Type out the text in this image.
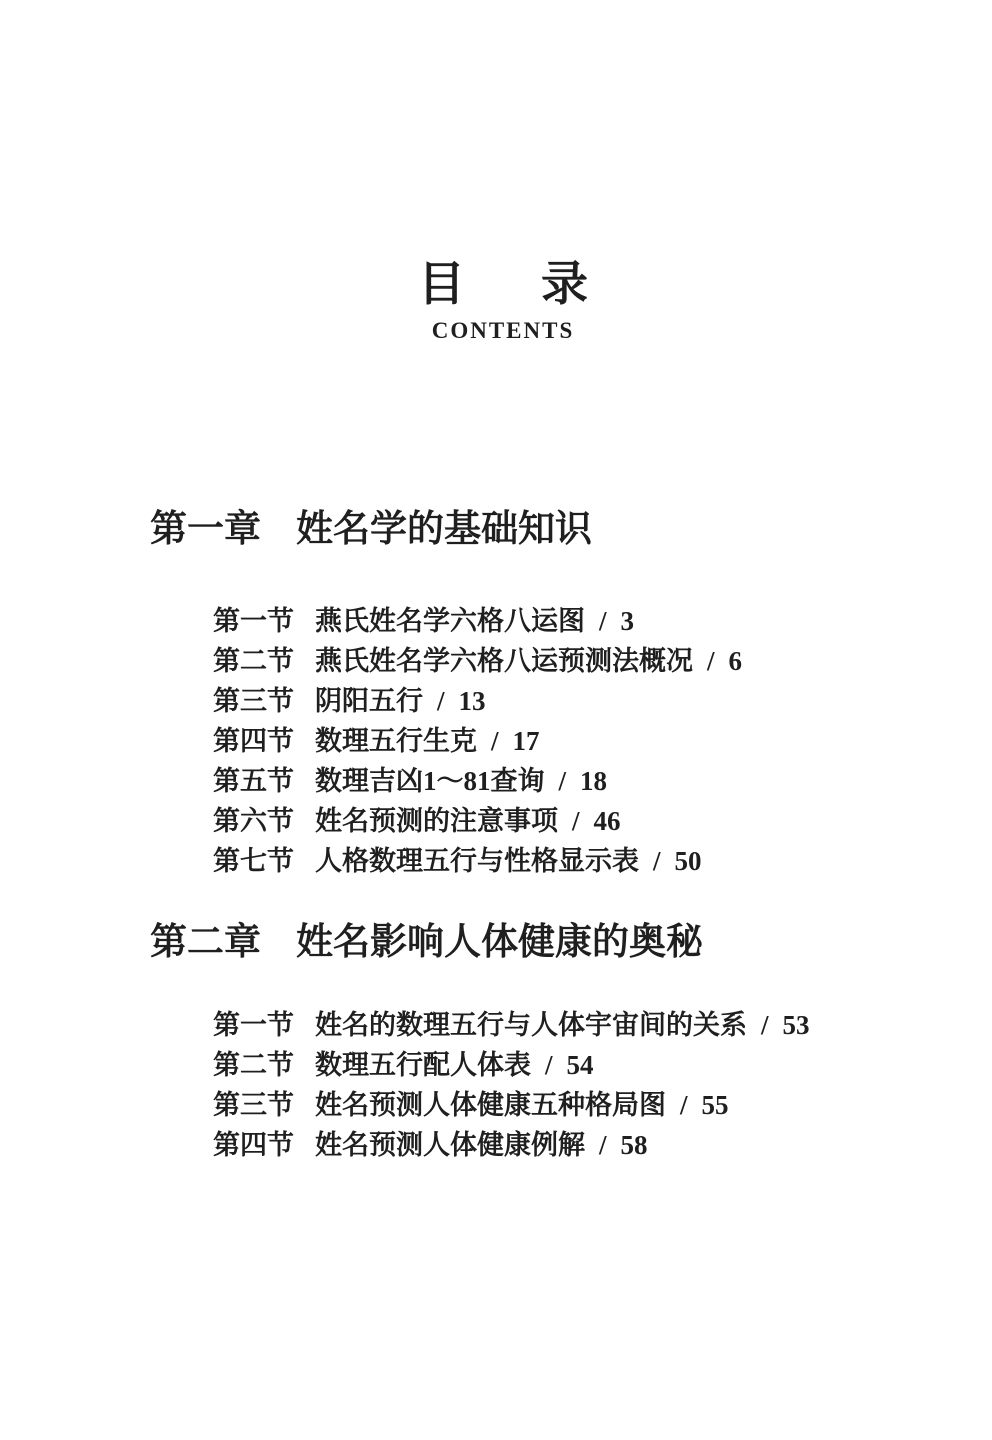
目 录
CONTENTS
第一章 姓名学的基础知识
第一节 燕氏姓名学六格八运图 / 3
第二节 燕氏姓名学六格八运预测法概况 / 6
第三节 阴阳五行 / 13
第四节 数理五行生克 / 17
第五节 数理吉凶1～81查询 / 18
第六节 姓名预测的注意事项 / 46
第七节 人格数理五行与性格显示表 / 50
第二章 姓名影响人体健康的奥秘
第一节 姓名的数理五行与人体宇宙间的关系 / 53
第二节 数理五行配人体表 / 54
第三节 姓名预测人体健康五种格局图 / 55
第四节 姓名预测人体健康例解 / 58
